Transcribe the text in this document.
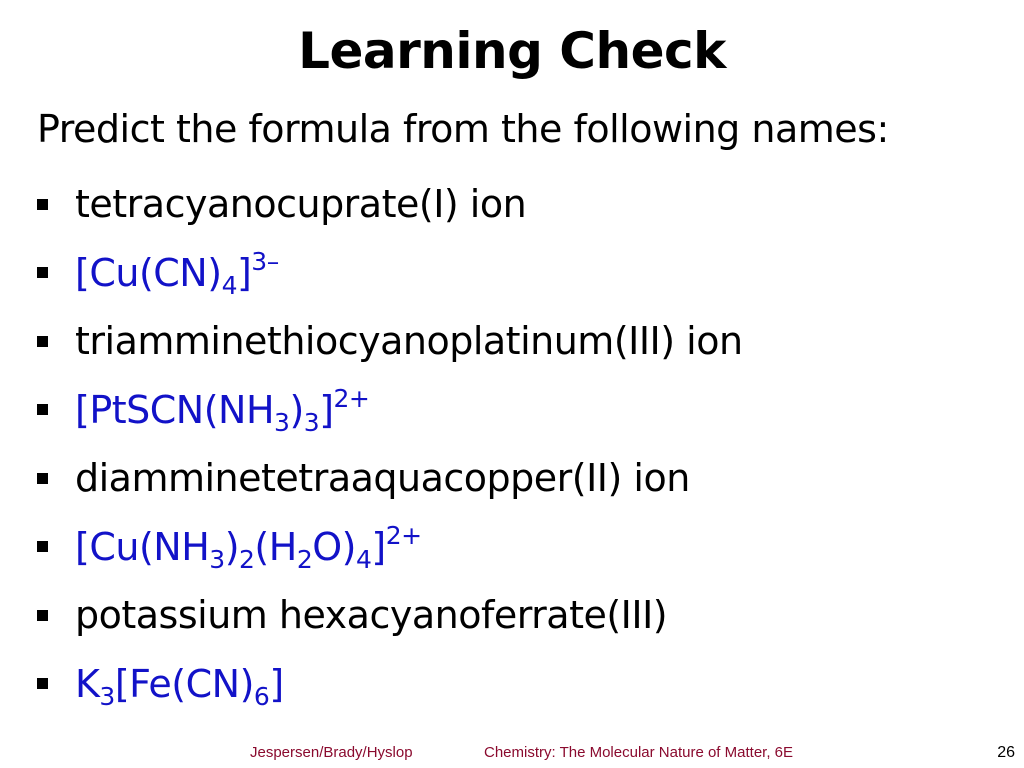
Learning Check
Predict the formula from the following names:
tetracyanocuprate(I) ion
$[Cu(CN)_4]^{3-}$
triamminethiocyanoplatinum(III) ion
$[PtSCN(NH_3)_3]^{2+}$
diamminetetraaquacopper(II) ion
$[Cu(NH_3)_2(H_2O)_4]^{2+}$
potassium hexacyanoferrate(III)
$K_3[Fe(CN)_6]$
Jespersen/Brady/Hyslop	Chemistry: The Molecular Nature of Matter, 6E	26
